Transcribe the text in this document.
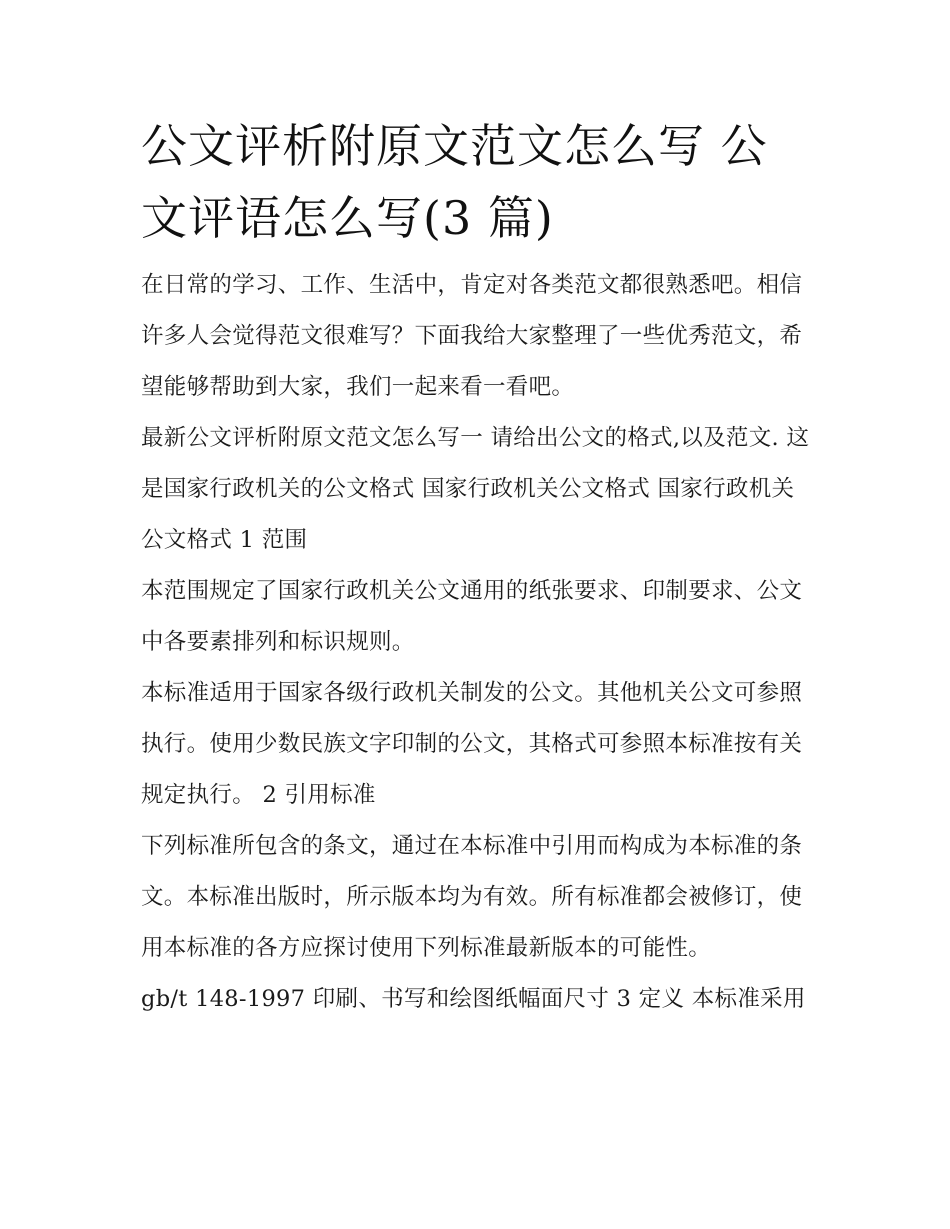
公文评析附原文范文怎么写 公文评语怎么写(3 篇)

在日常的学习、工作、生活中，肯定对各类范文都很熟悉吧。相信许多人会觉得范文很难写？下面我给大家整理了一些优秀范文，希望能够帮助到大家，我们一起来看一看吧。

最新公文评析附原文范文怎么写一 请给出公文的格式,以及范文. 这是国家行政机关的公文格式 国家行政机关公文格式 国家行政机关公文格式 1 范围

本范围规定了国家行政机关公文通用的纸张要求、印制要求、公文中各要素排列和标识规则。

本标准适用于国家各级行政机关制发的公文。其他机关公文可参照执行。使用少数民族文字印制的公文，其格式可参照本标准按有关规定执行。 2 引用标准

下列标准所包含的条文，通过在本标准中引用而构成为本标准的条文。本标准出版时，所示版本均为有效。所有标准都会被修订，使用本标准的各方应探讨使用下列标准最新版本的可能性。

gb/t 148-1997 印刷、书写和绘图纸幅面尺寸 3 定义 本标准采用
